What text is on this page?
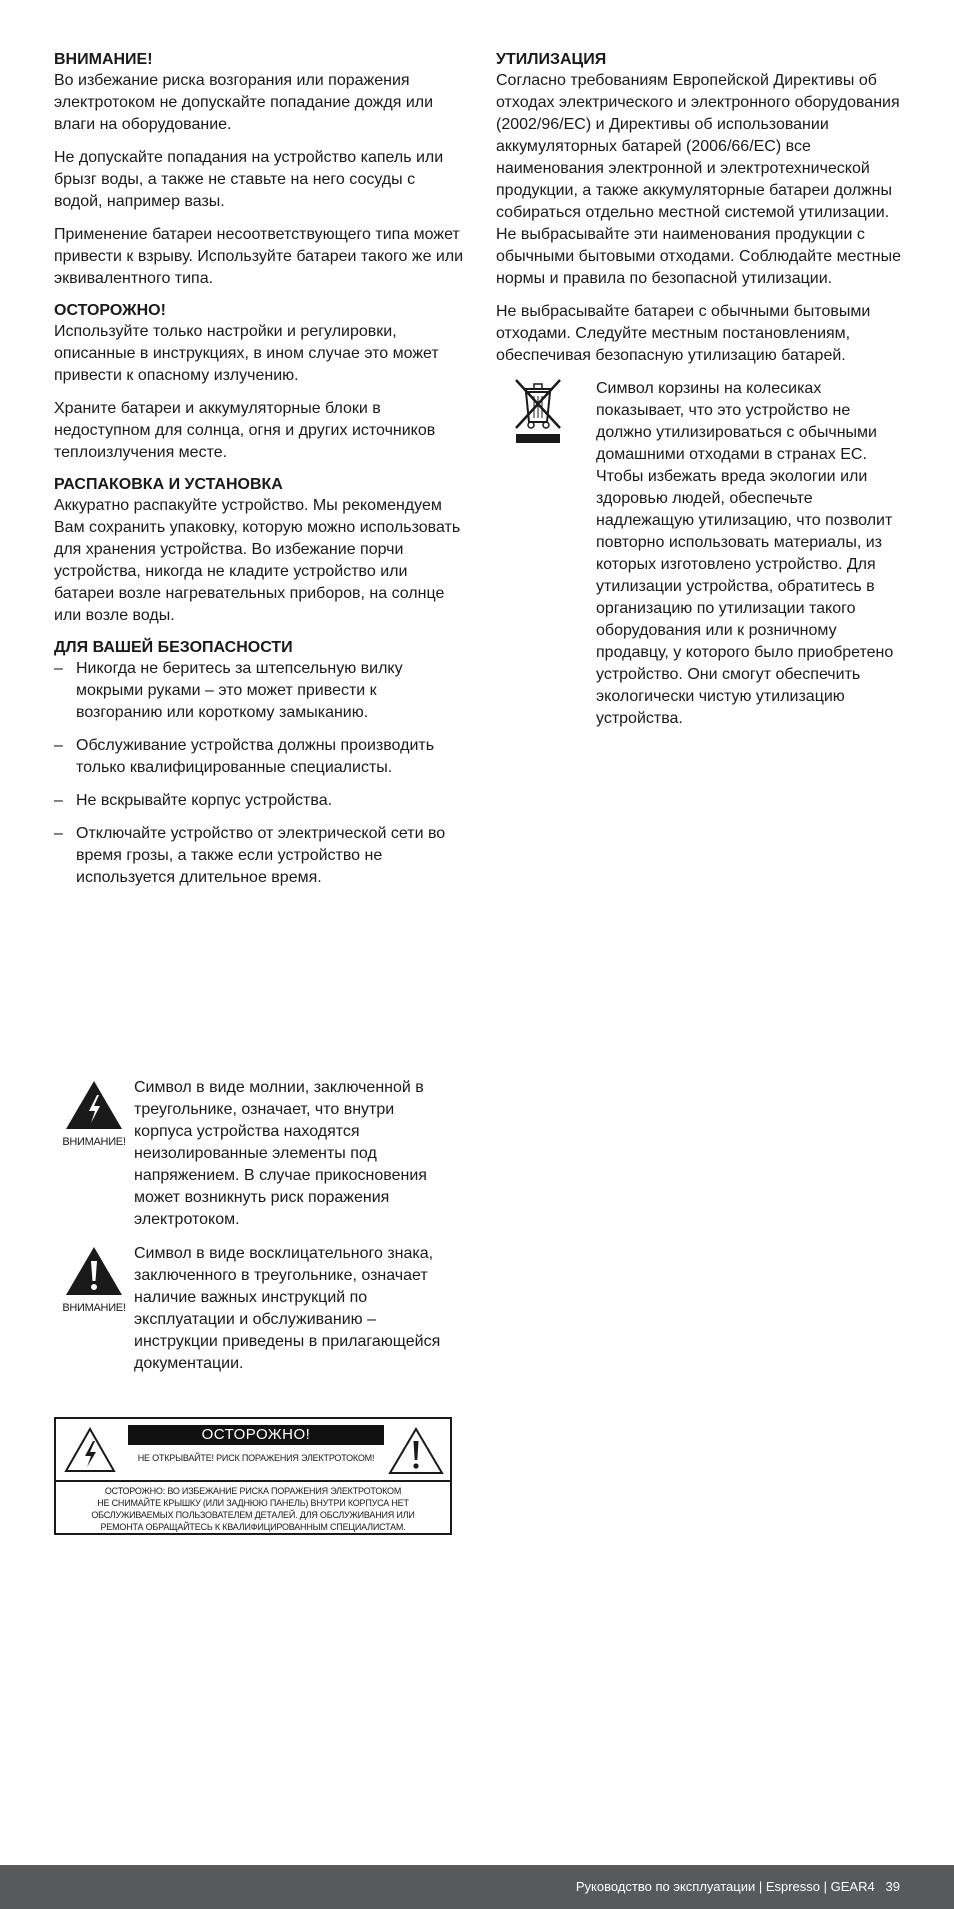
ВНИМАНИЕ!

Во избежание риска возгорания или поражения электротоком не допускайте попадание дождя или влаги на оборудование.

Не допускайте попадания на устройство капель или брызг воды, а также не ставьте на него сосуды с водой, например вазы.

Применение батареи несоответствующего типа может привести к взрыву. Используйте батареи такого же или эквивалентного типа.

ОСТОРОЖНО!

Используйте только настройки и регулировки, описанные в инструкциях, в ином случае это может привести к опасному излучению.

Храните батареи и аккумуляторные блоки в недоступном для солнца, огня и других источников теплоизлучения месте.

РАСПАКОВКА И УСТАНОВКА

Аккуратно распакуйте устройство. Мы рекомендуем Вам сохранить упаковку, которую можно использовать для хранения устройства. Во избежание порчи устройства, никогда не кладите устройство или батареи возле нагревательных приборов, на солнце или возле воды.

ДЛЯ ВАШЕЙ БЕЗОПАСНОСТИ
– Никогда не беритесь за штепсельную вилку мокрыми руками – это может привести к возгоранию или короткому замыканию.
– Обслуживание устройства должны производить только квалифицированные специалисты.
– Не вскрывайте корпус устройства.
– Отключайте устройство от электрической сети во время грозы, а также если устройство не используется длительное время.
УТИЛИЗАЦИЯ

Согласно требованиям Европейской Директивы об отходах электрического и электронного оборудования (2002/96/EC) и Директивы об использовании аккумуляторных батарей (2006/66/EC) все наименования электронной и электротехнической продукции, а также аккумуляторные батареи должны собираться отдельно местной системой утилизации. Не выбрасывайте эти наименования продукции с обычными бытовыми отходами. Соблюдайте местные нормы и правила по безопасной утилизации.

Не выбрасывайте батареи с обычными бытовыми отходами. Следуйте местным постановлениям, обеспечивая безопасную утилизацию батарей.

Символ корзины на колесиках показывает, что это устройство не должно утилизироваться с обычными домашними отходами в странах ЕС. Чтобы избежать вреда экологии или здоровью людей, обеспечьте надлежащую утилизацию, что позволит повторно использовать материалы, из которых изготовлено устройство. Для утилизации устройства, обратитесь в организацию по утилизации такого оборудования или к розничному продавцу, у которого было приобретено устройство. Они смогут обеспечить экологически чистую утилизацию устройства.
ВНИМАНИЕ!
Символ в виде молнии, заключенной в треугольнике, означает, что внутри корпуса устройства находятся неизолированные элементы под напряжением. В случае прикосновения может возникнуть риск поражения электротоком.
ВНИМАНИЕ!
Символ в виде восклицательного знака, заключенного в треугольнике, означает наличие важных инструкций по эксплуатации и обслуживанию – инструкции приведены в прилагающейся документации.
ОСТОРОЖНО!
НЕ ОТКРЫВАЙТЕ! РИСК ПОРАЖЕНИЯ ЭЛЕКТРОТОКОМ!
ОСТОРОЖНО: ВО ИЗБЕЖАНИЕ РИСКА ПОРАЖЕНИЯ ЭЛЕКТРОТОКОМ
НЕ СНИМАЙТЕ КРЫШКУ (ИЛИ ЗАДНЮЮ ПАНЕЛЬ) ВНУТРИ КОРПУСА НЕТ
ОБСЛУЖИВАЕМЫХ ПОЛЬЗОВАТЕЛЕМ ДЕТАЛЕЙ. ДЛЯ ОБСЛУЖИВАНИЯ ИЛИ
РЕМОНТА ОБРАЩАЙТЕСЬ К КВАЛИФИЦИРОВАННЫМ СПЕЦИАЛИСТАМ.
Руководство по эксплуатации | Espresso | GEAR4 39
